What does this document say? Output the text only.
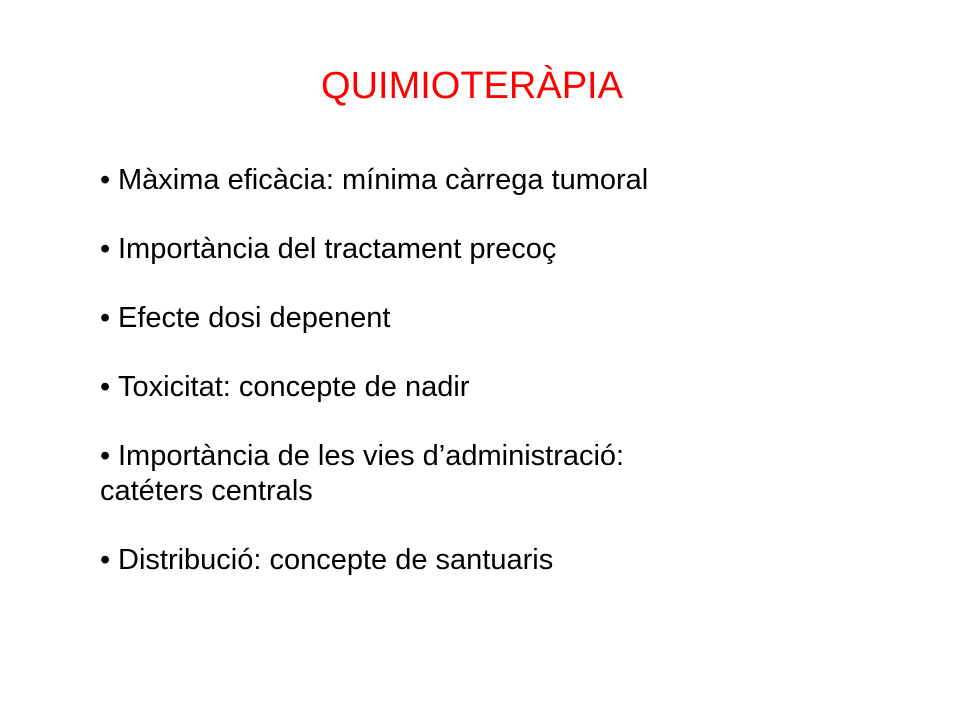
QUIMIOTERÀPIA
• Màxima eficàcia: mínima càrrega tumoral
• Importància del tractament precoç
• Efecte dosi depenent
• Toxicitat: concepte de nadir
• Importància de les vies d’administració:
catéters centrals
• Distribució: concepte de santuaris
